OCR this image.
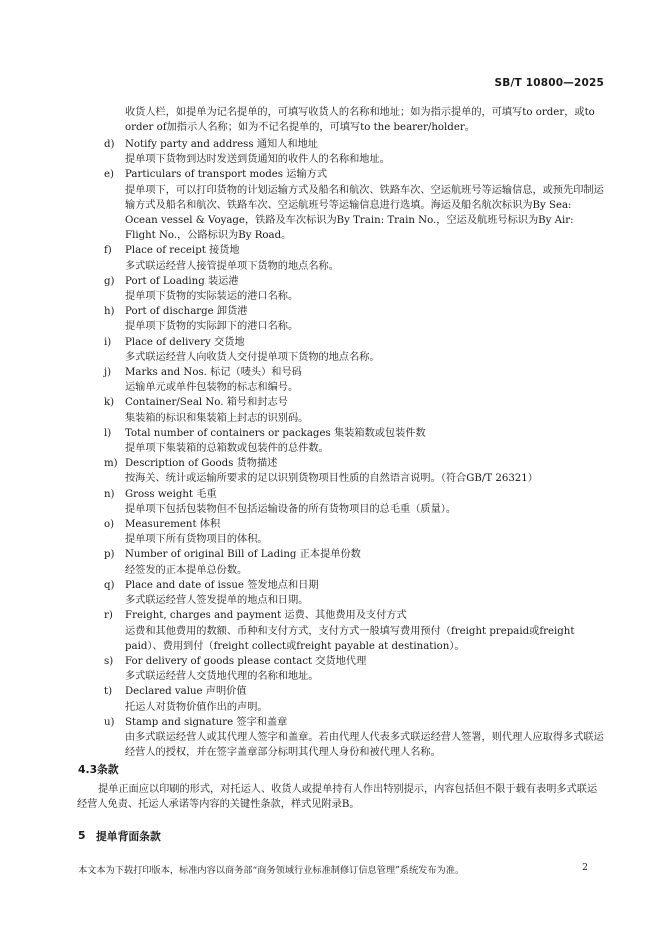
SB/T 10800—2025
收货人栏，如提单为记名提单的，可填写收货人的名称和地址；如为指示提单的，可填写to order，或to order of加指示人名称；如为不记名提单的，可填写to the bearer/holder。
d)	Notify party and address 通知人和地址
提单项下货物到达时发送到货通知的收件人的名称和地址。
e)	Particulars of transport modes 运输方式
提单项下，可以打印货物的计划运输方式及船名和航次、铁路车次、空运航班号等运输信息，或预先印制运输方式及船名和航次、铁路车次、空运航班号等运输信息进行选填。海运及船名航次标识为By Sea: Ocean vessel & Voyage，铁路及车次标识为By Train: Train No.，空运及航班号标识为By Air: Flight No.，公路标识为By Road。
f)	Place of receipt 接货地
多式联运经营人接管提单项下货物的地点名称。
g)	Port of Loading 装运港
提单项下货物的实际装运的港口名称。
h)	Port of discharge 卸货港
提单项下货物的实际卸下的港口名称。
i)	Place of delivery 交货地
多式联运经营人向收货人交付提单项下货物的地点名称。
j)	Marks and Nos. 标记（唛头）和号码
运输单元或单件包装物的标志和编号。
k)	Container/Seal No. 箱号和封志号
集装箱的标识和集装箱上封志的识别码。
l)	Total number of containers or packages 集装箱数或包装件数
提单项下集装箱的总箱数或包装件的总件数。
m) Description of Goods 货物描述
按海关、统计或运输所要求的足以识别货物项目性质的自然语言说明。（符合GB/T 26321）
n)	Gross weight 毛重
提单项下包括包装物但不包括运输设备的所有货物项目的总毛重（质量）。
o)	Measurement 体积
提单项下所有货物项目的体积。
p)	Number of original Bill of Lading 正本提单份数
经签发的正本提单总份数。
q)	Place and date of issue 签发地点和日期
多式联运经营人签发提单的地点和日期。
r)	Freight, charges and payment 运费、其他费用及支付方式
运费和其他费用的数额、币种和支付方式，支付方式一般填写费用预付（freight prepaid或freight paid）、费用到付（freight collect或freight payable at destination）。
s)	For delivery of goods please contact 交货地代理
多式联运经营人交货地代理的名称和地址。
t)	Declared value 声明价值
托运人对货物价值作出的声明。
u)	Stamp and signature 签字和盖章
由多式联运经营人或其代理人签字和盖章。若由代理人代表多式联运经营人签署，则代理人应取得多式联运经营人的授权，并在签字盖章部分标明其代理人身份和被代理人名称。
4.3 条款
提单正面应以印刷的形式，对托运人、收货人或提单持有人作出特别提示，内容包括但不限于载有表明多式联运经营人免责、托运人承诺等内容的关键性条款，样式见附录B。
5 提单背面条款
本文本为下载打印版本，标准内容以商务部“商务领域行业标准制修订信息管理”系统发布为准。	2
